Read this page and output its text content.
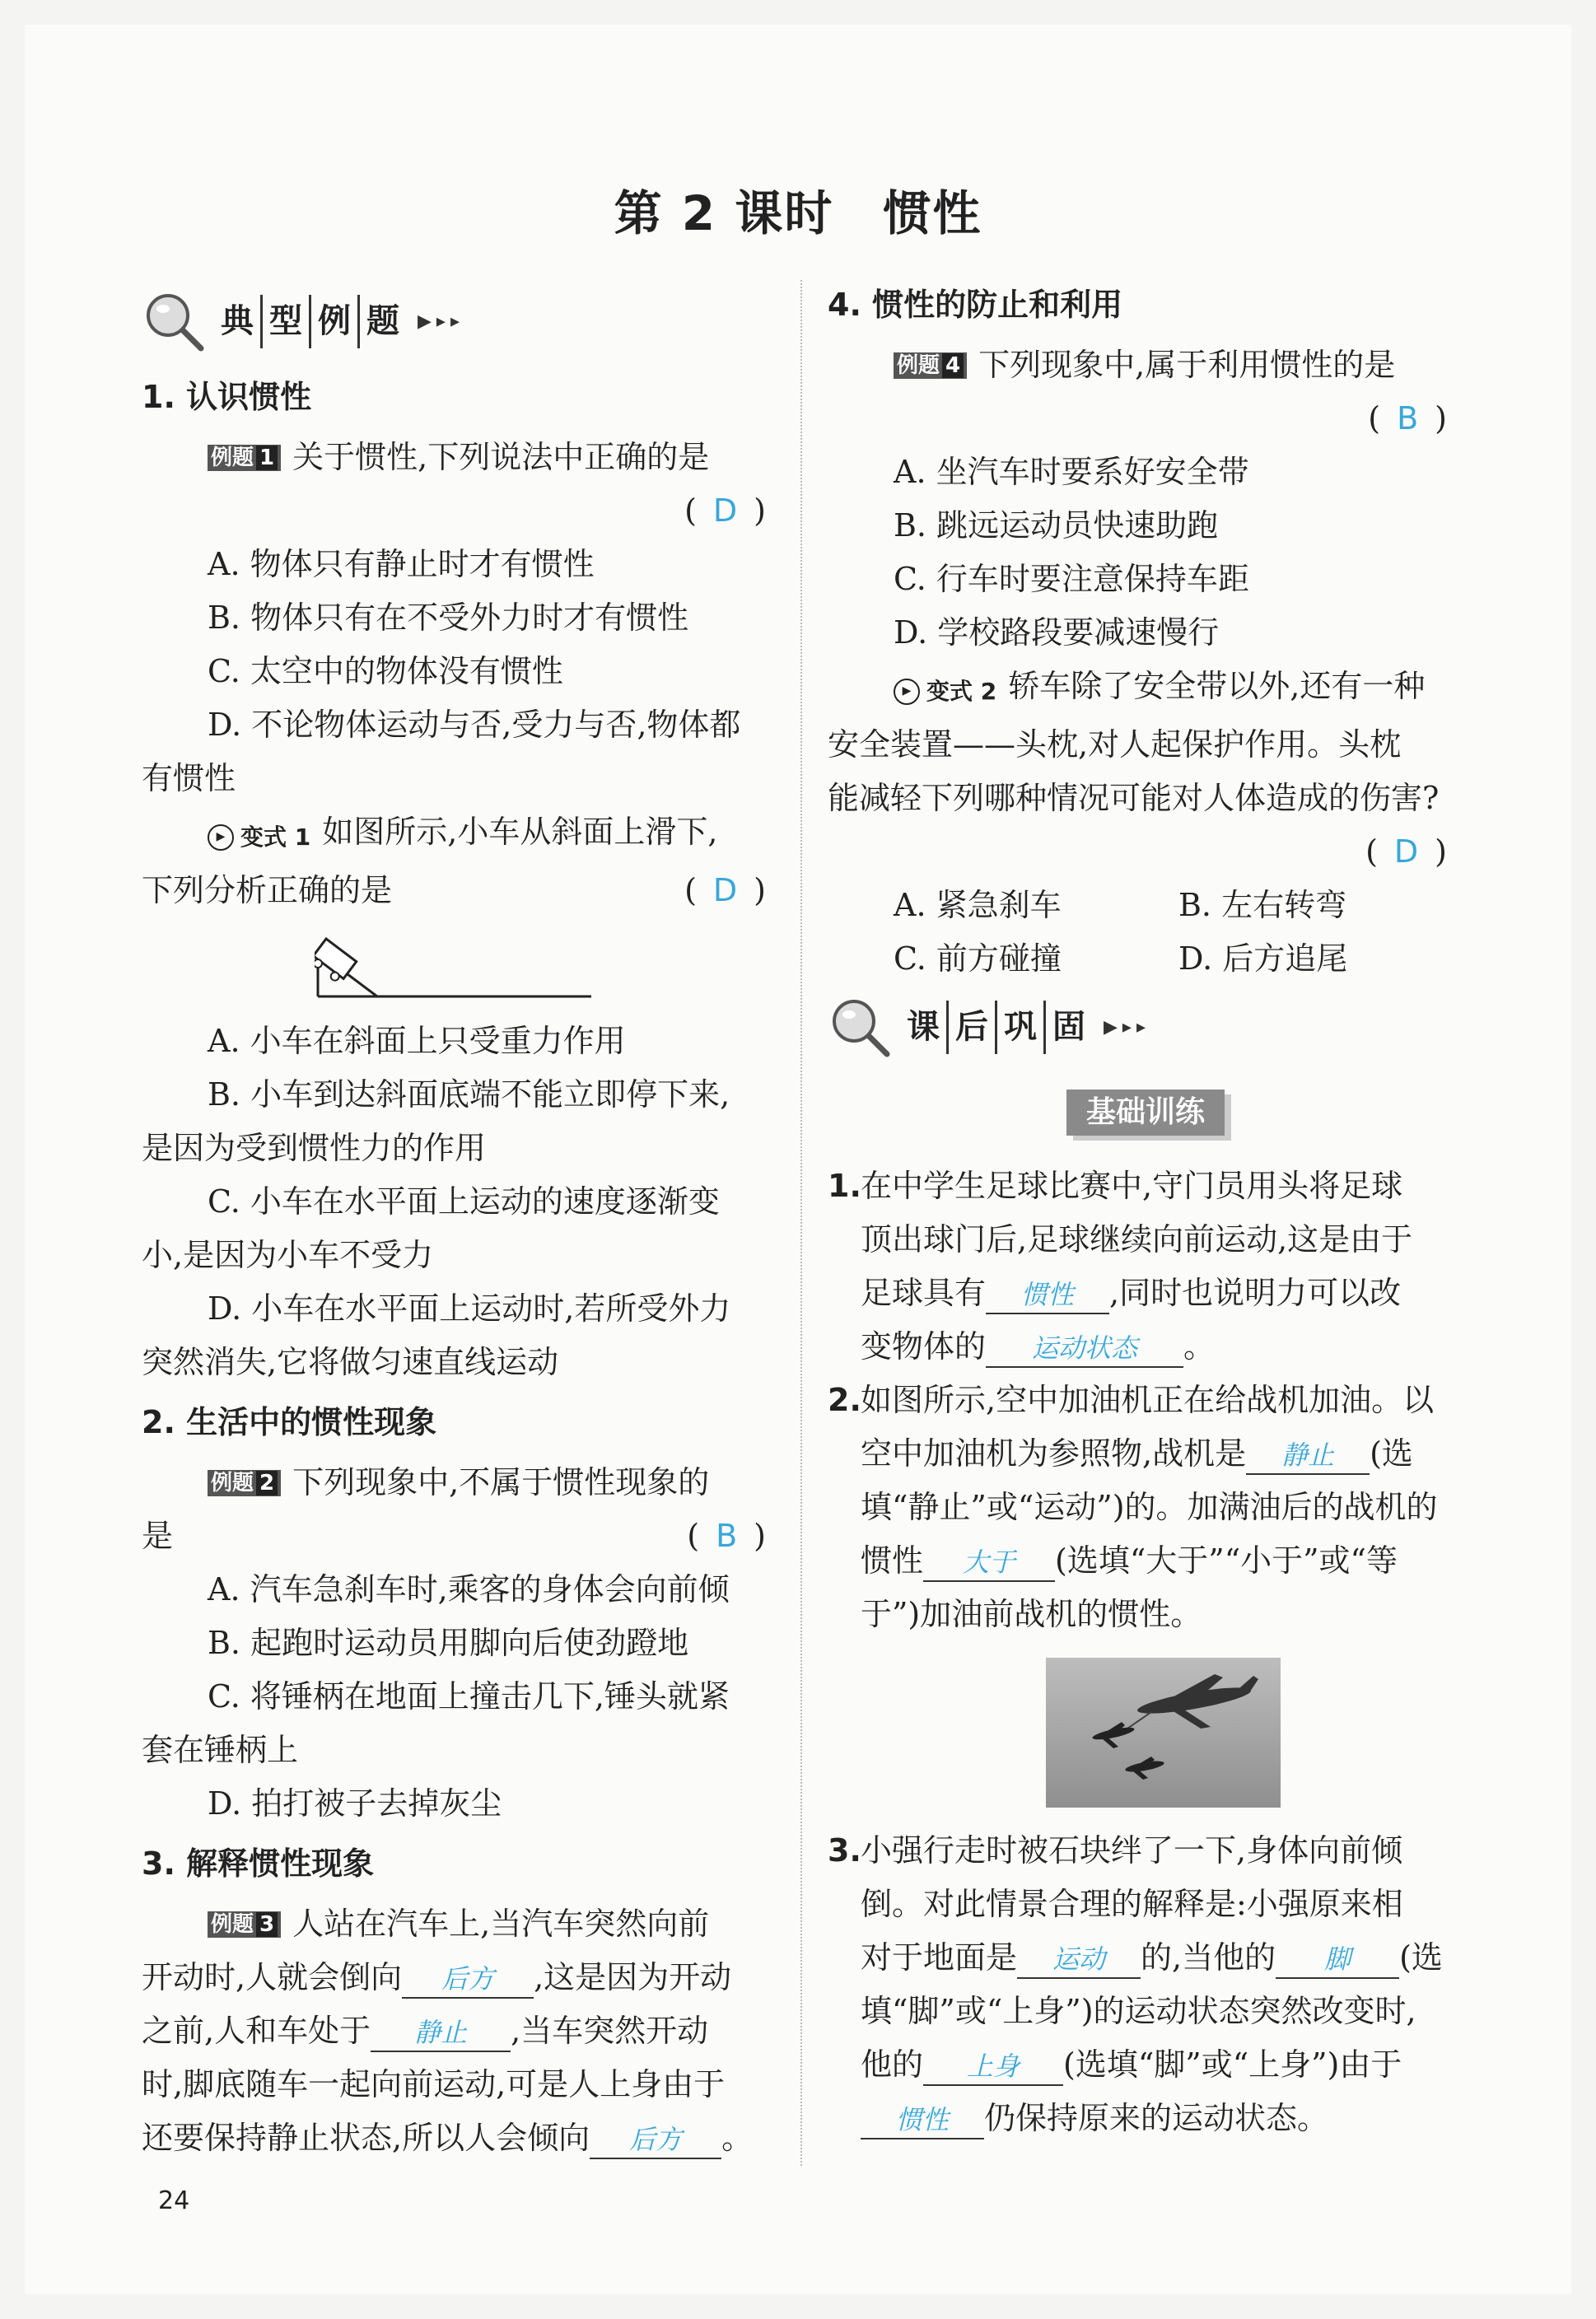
第 2 课时 惯性
典 型 例 题	▶▸▸
1. 认识惯性
例题 1 关于惯性,下列说法中正确的是
(D )
A. 物体只有静止时才有惯性
B. 物体只有在不受外力时才有惯性
C. 太空中的物体没有惯性
D. 不论物体运动与否,受力与否,物体都
有惯性
▶ 变式 1 如图所示,小车从斜面上滑下,
下列分析正确的是	(D )
A. 小车在斜面上只受重力作用
B. 小车到达斜面底端不能立即停下来,
是因为受到惯性力的作用
C. 小车在水平面上运动的速度逐渐变
小,是因为小车不受力
D. 小车在水平面上运动时,若所受外力
突然消失,它将做匀速直线运动
2. 生活中的惯性现象
例题 2 下列现象中,不属于惯性现象的
是	(B )
A. 汽车急刹车时,乘客的身体会向前倾
B. 起跑时运动员用脚向后使劲蹬地
C. 将锤柄在地面上撞击几下,锤头就紧
套在锤柄上
D. 拍打被子去掉灰尘
3. 解释惯性现象
例题 3 人站在汽车上,当汽车突然向前
开动时,人就会倒向 后方 ,这是因为开动
之前,人和车处于 静止 ,当车突然开动
时,脚底随车一起向前运动,可是人上身由于
还要保持静止状态,所以人会倾向 后方 。
4. 惯性的防止和利用
例题 4 下列现象中,属于利用惯性的是
(B )
A. 坐汽车时要系好安全带
B. 跳远运动员快速助跑
C. 行车时要注意保持车距
D. 学校路段要减速慢行
▶ 变式 2 轿车除了安全带以外,还有一种
安全装置——头枕,对人起保护作用。头枕
能减轻下列哪种情况可能对人体造成的伤害?
(D )
A. 紧急刹车	B. 左右转弯
C. 前方碰撞	D. 后方追尾
课 后 巩 固	▶▸▸
基础训练
1. 在中学生足球比赛中,守门员用头将足球
顶出球门后,足球继续向前运动,这是由于
足球具有 惯性 ,同时也说明力可以改
变物体的 运动状态 。
2. 如图所示,空中加油机正在给战机加油。以
空中加油机为参照物,战机是 静止 (选
填“静止”或“运动”)的。加满油后的战机的
惯性 大于 (选填“大于”“小于”或“等
于”)加油前战机的惯性。
3. 小强行走时被石块绊了一下,身体向前倾
倒。对此情景合理的解释是:小强原来相
对于地面是 运动 的,当他的 脚 (选
填“脚”或“上身”)的运动状态突然改变时,
他的 上身 (选填“脚”或“上身”)由于
惯性 仍保持原来的运动状态。
24
